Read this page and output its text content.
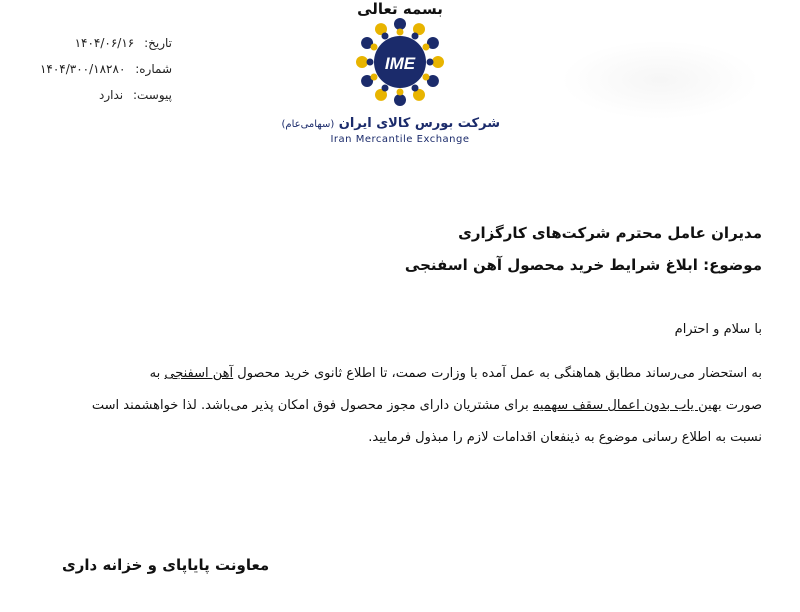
تاریخ: ۱۴۰۴/۰۶/۱۶
شماره: ۱۴۰۴/۳۰۰/۱۸۲۸۰
پیوست: ندارد
IME
شرکت بورس کالای ایران (سهامی‌عام)
Iran Mercantile Exchange
بسمه تعالی
مدیران عامل محترم شرکت‌های کارگزاری
موضوع: ابلاغ شرایط خرید محصول آهن اسفنجی
با سلام و احترام
به استحضار می‌رساند مطابق هماهنگی به عمل آمده با وزارت صمت، تا اطلاع ثانوی خرید محصول آهن اسفنجی به
صورت بهین یاب بدون اعمال سقف سهمیه برای مشتریان دارای مجوز محصول فوق امکان پذیر می‌باشد. لذا خواهشمند است
نسبت به اطلاع رسانی موضوع به ذینفعان اقدامات لازم را مبذول فرمایید.
معاونت پایاپای و خزانه داری
